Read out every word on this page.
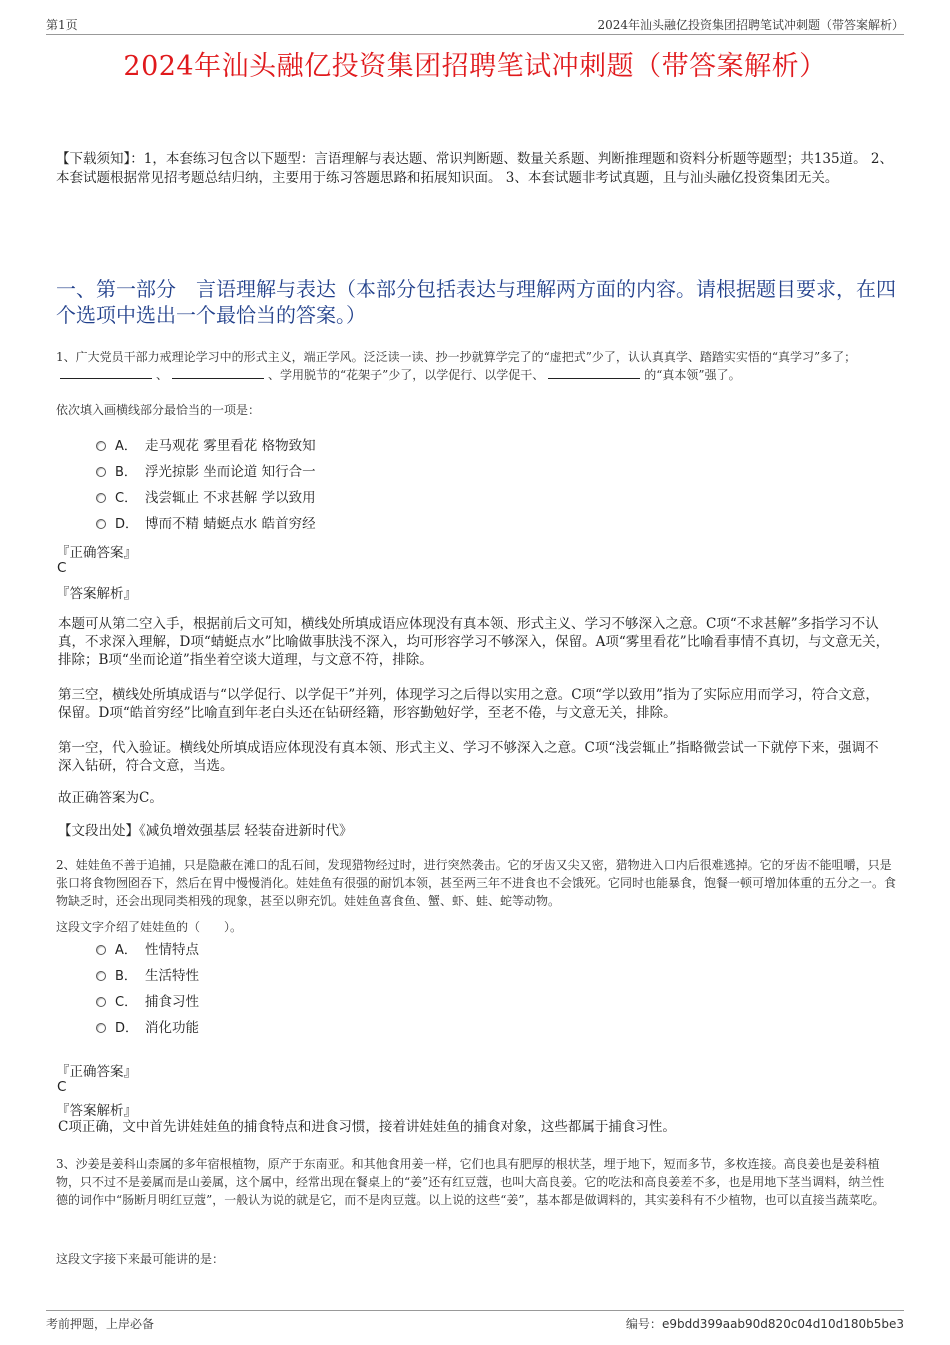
第1页	2024年汕头融亿投资集团招聘笔试冲刺题（带答案解析）
2024年汕头融亿投资集团招聘笔试冲刺题（带答案解析）
【下载须知】：1，本套练习包含以下题型：言语理解与表达题、常识判断题、数量关系题、判断推理题和资料分析题等题型；共135道。 2、本套试题根据常见招考题总结归纳，主要用于练习答题思路和拓展知识面。 3、本套试题非考试真题，且与汕头融亿投资集团无关。
一、第一部分　言语理解与表达（本部分包括表达与理解两方面的内容。请根据题目要求，在四个选项中选出一个最恰当的答案。）
1、广大党员干部力戒理论学习中的形式主义，端正学风。泛泛读一读、抄一抄就算学完了的“虚把式”少了，认认真真学、踏踏实实悟的“真学习”多了；、	、学用脱节的“花架子”少了，以学促行、以学促干、	的“真本领”强了。
依次填入画横线部分最恰当的一项是：
A． 走马观花 雾里看花 格物致知
B． 浮光掠影 坐而论道 知行合一
C． 浅尝辄止 不求甚解 学以致用
D． 博而不精 蜻蜓点水 皓首穷经
『正确答案』
C
『答案解析』
本题可从第二空入手，根据前后文可知，横线处所填成语应体现没有真本领、形式主义、学习不够深入之意。C项“不求甚解”多指学习不认真，不求深入理解，D项“蜻蜓点水”比喻做事肤浅不深入，均可形容学习不够深入，保留。A项“雾里看花”比喻看事情不真切，与文意无关，排除；B项“坐而论道”指坐着空谈大道理，与文意不符，排除。
第三空，横线处所填成语与“以学促行、以学促干”并列，体现学习之后得以实用之意。C项“学以致用”指为了实际应用而学习，符合文意，保留。D项“皓首穷经”比喻直到年老白头还在钻研经籍，形容勤勉好学，至老不倦，与文意无关，排除。
第一空，代入验证。横线处所填成语应体现没有真本领、形式主义、学习不够深入之意。C项“浅尝辄止”指略微尝试一下就停下来，强调不深入钻研，符合文意，当选。
故正确答案为C。
【文段出处】《减负增效强基层 轻装奋进新时代》
2、娃娃鱼不善于追捕，只是隐蔽在滩口的乱石间，发现猎物经过时，进行突然袭击。它的牙齿又尖又密，猎物进入口内后很难逃掉。它的牙齿不能咀嚼，只是张口将食物囫囵吞下，然后在胃中慢慢消化。娃娃鱼有很强的耐饥本领，甚至两三年不进食也不会饿死。它同时也能暴食，饱餐一顿可增加体重的五分之一。食物缺乏时，还会出现同类相残的现象，甚至以卵充饥。娃娃鱼喜食鱼、蟹、虾、蛙、蛇等动物。
这段文字介绍了娃娃鱼的（　　）。
A． 性情特点
B． 生活特性
C． 捕食习性
D． 消化功能
『正确答案』
C
『答案解析』
C项正确，文中首先讲娃娃鱼的捕食特点和进食习惯，接着讲娃娃鱼的捕食对象，这些都属于捕食习性。
3、沙姜是姜科山柰属的多年宿根植物，原产于东南亚。和其他食用姜一样，它们也具有肥厚的根状茎，埋于地下，短而多节，多枚连接。高良姜也是姜科植物，只不过不是姜属而是山姜属，这个属中，经常出现在餐桌上的“姜”还有红豆蔻，也叫大高良姜。它的吃法和高良姜差不多，也是用地下茎当调料，纳兰性德的词作中“肠断月明红豆蔻”，一般认为说的就是它，而不是肉豆蔻。以上说的这些“姜”，基本都是做调料的，其实姜科有不少植物，也可以直接当蔬菜吃。
这段文字接下来最可能讲的是：
考前押题，上岸必备	编号：e9bdd399aab90d820c04d10d180b5be3
